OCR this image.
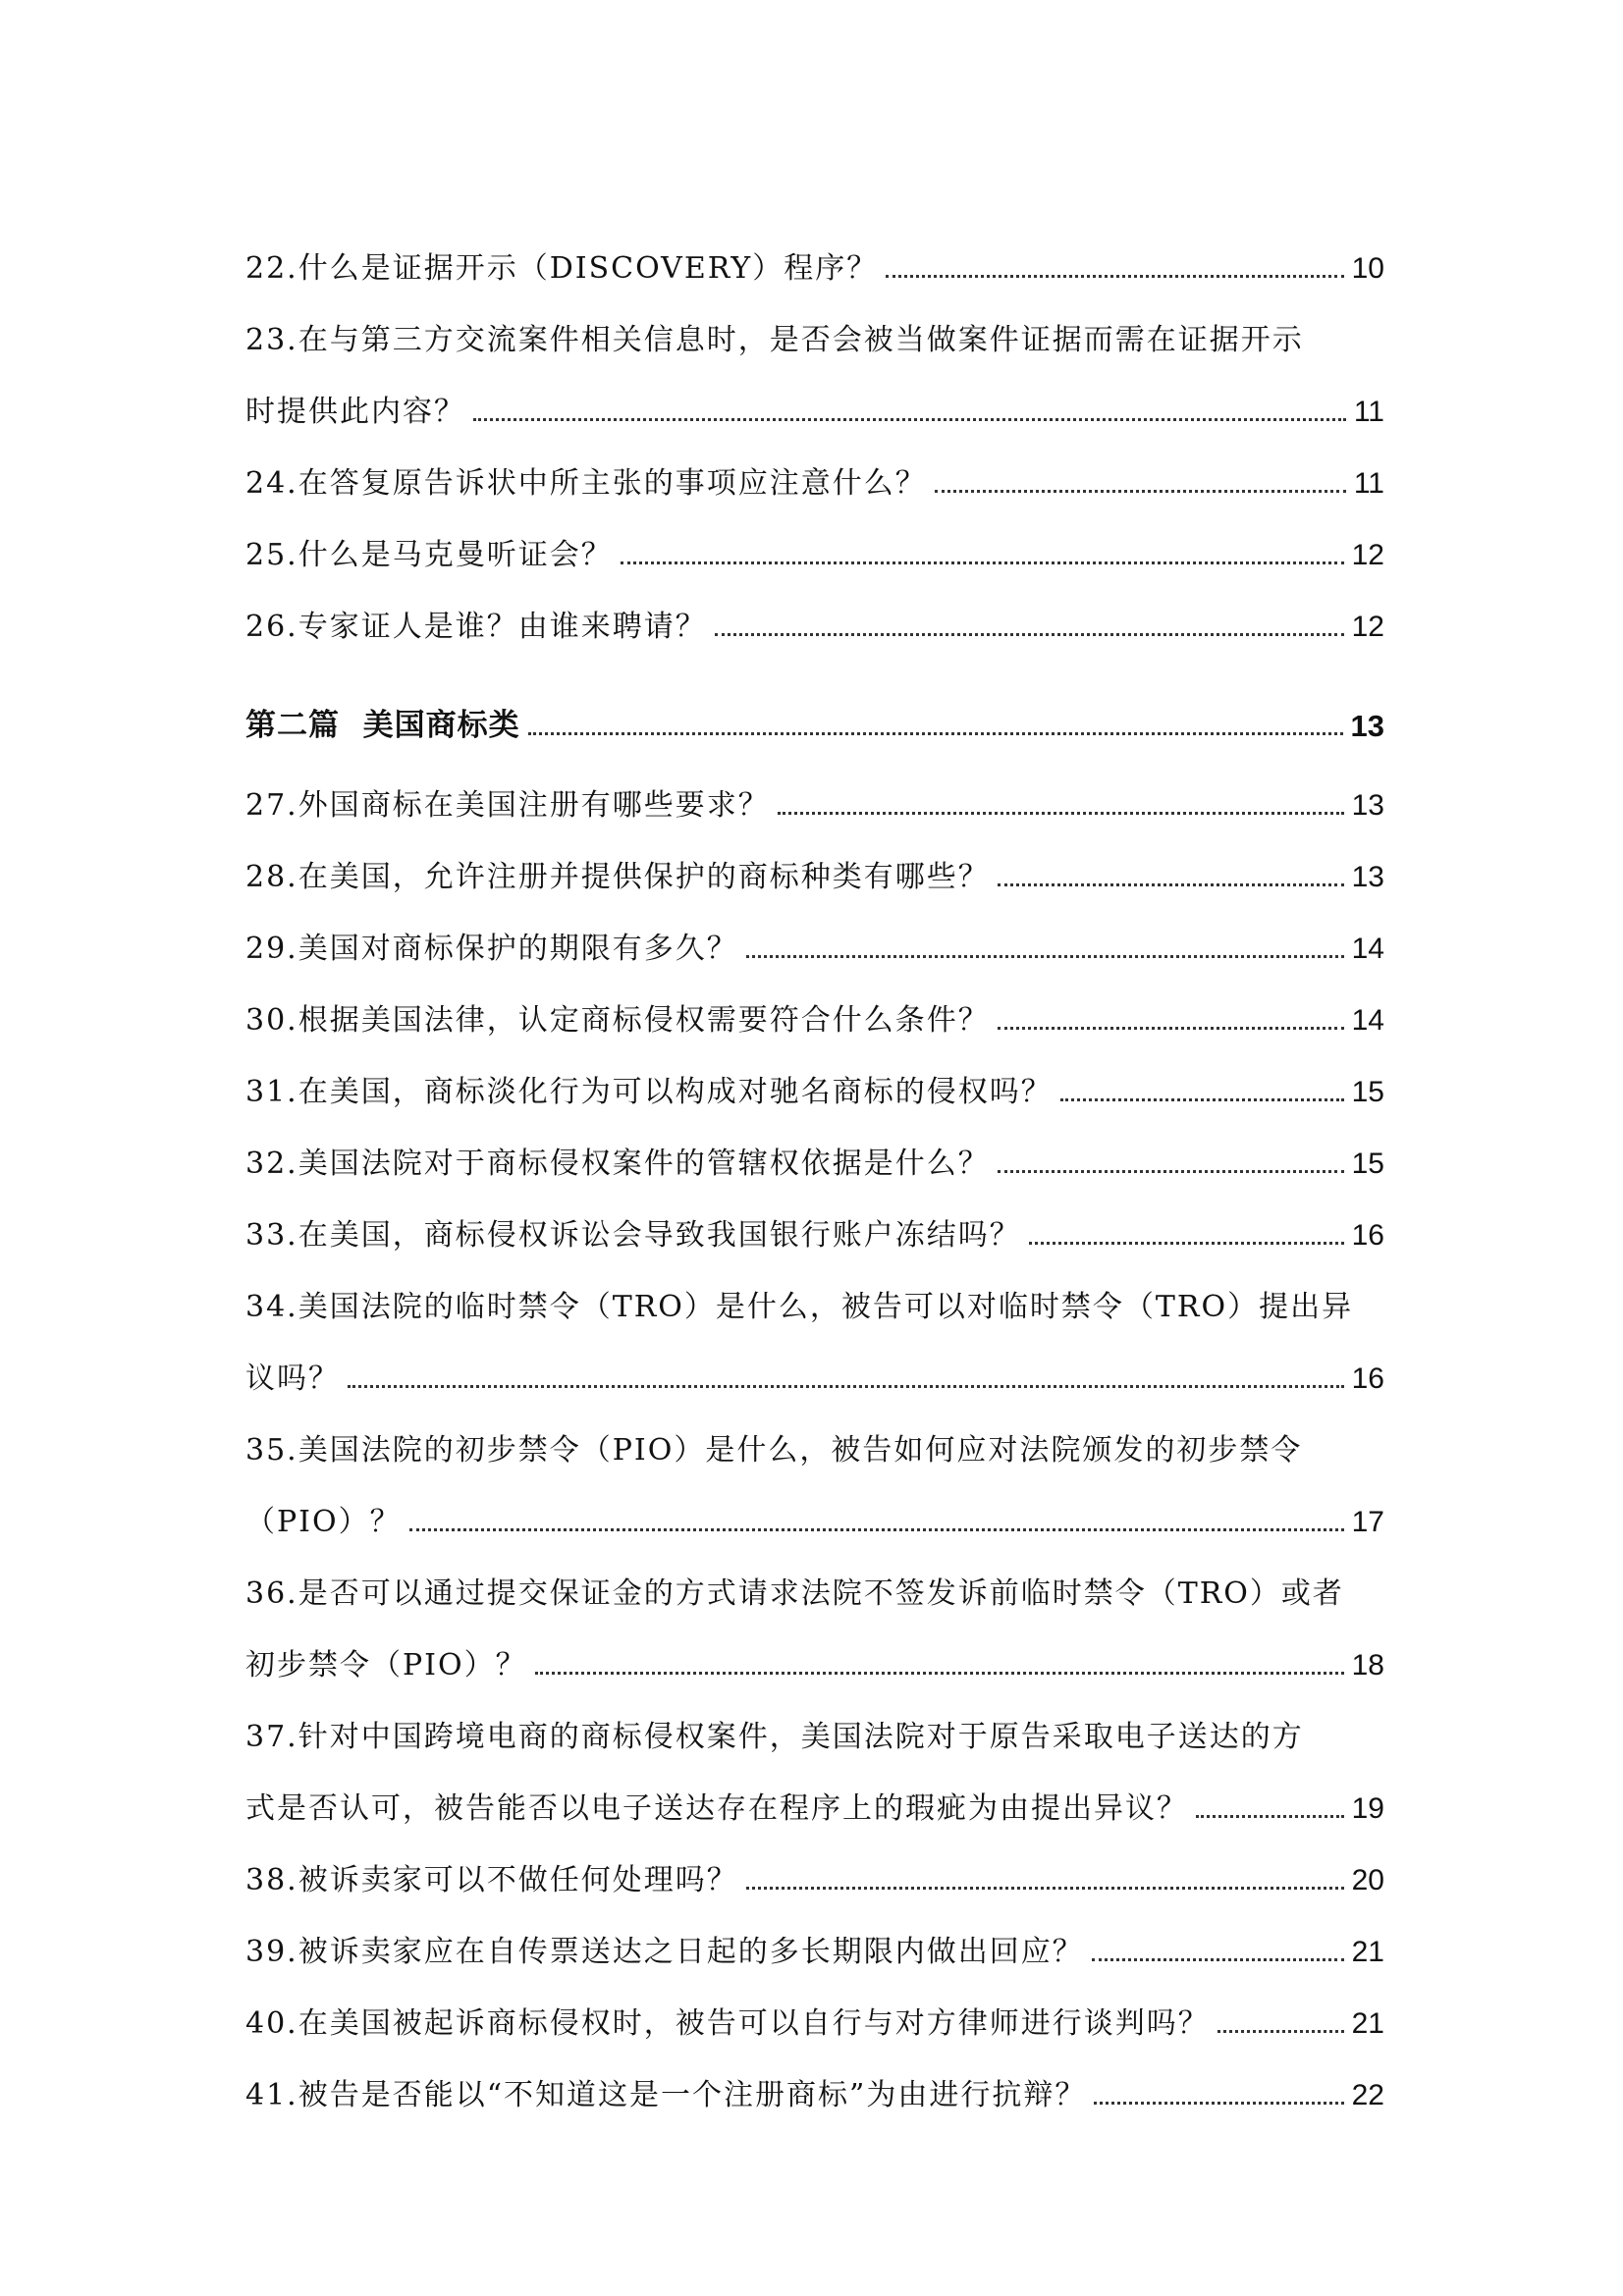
22.什么是证据开示（DISCOVERY）程序？	10
23.在与第三方交流案件相关信息时，是否会被当做案件证据而需在证据开示
时提供此内容？	11
24.在答复原告诉状中所主张的事项应注意什么？	11
25.什么是马克曼听证会？	12
26.专家证人是谁？由谁来聘请？	12
第二篇  美国商标类	13
27.外国商标在美国注册有哪些要求？	13
28.在美国，允许注册并提供保护的商标种类有哪些？	13
29.美国对商标保护的期限有多久？	14
30.根据美国法律，认定商标侵权需要符合什么条件？	14
31.在美国，商标淡化行为可以构成对驰名商标的侵权吗？	15
32.美国法院对于商标侵权案件的管辖权依据是什么？	15
33.在美国，商标侵权诉讼会导致我国银行账户冻结吗？	16
34.美国法院的临时禁令（TRO）是什么，被告可以对临时禁令（TRO）提出异
议吗？	16
35.美国法院的初步禁令（PIO）是什么，被告如何应对法院颁发的初步禁令
（PIO）？	17
36.是否可以通过提交保证金的方式请求法院不签发诉前临时禁令（TRO）或者
初步禁令（PIO）？	18
37.针对中国跨境电商的商标侵权案件，美国法院对于原告采取电子送达的方
式是否认可，被告能否以电子送达存在程序上的瑕疵为由提出异议？	19
38.被诉卖家可以不做任何处理吗？	20
39.被诉卖家应在自传票送达之日起的多长期限内做出回应？	21
40.在美国被起诉商标侵权时，被告可以自行与对方律师进行谈判吗？	21
41.被告是否能以“不知道这是一个注册商标”为由进行抗辩？	22
